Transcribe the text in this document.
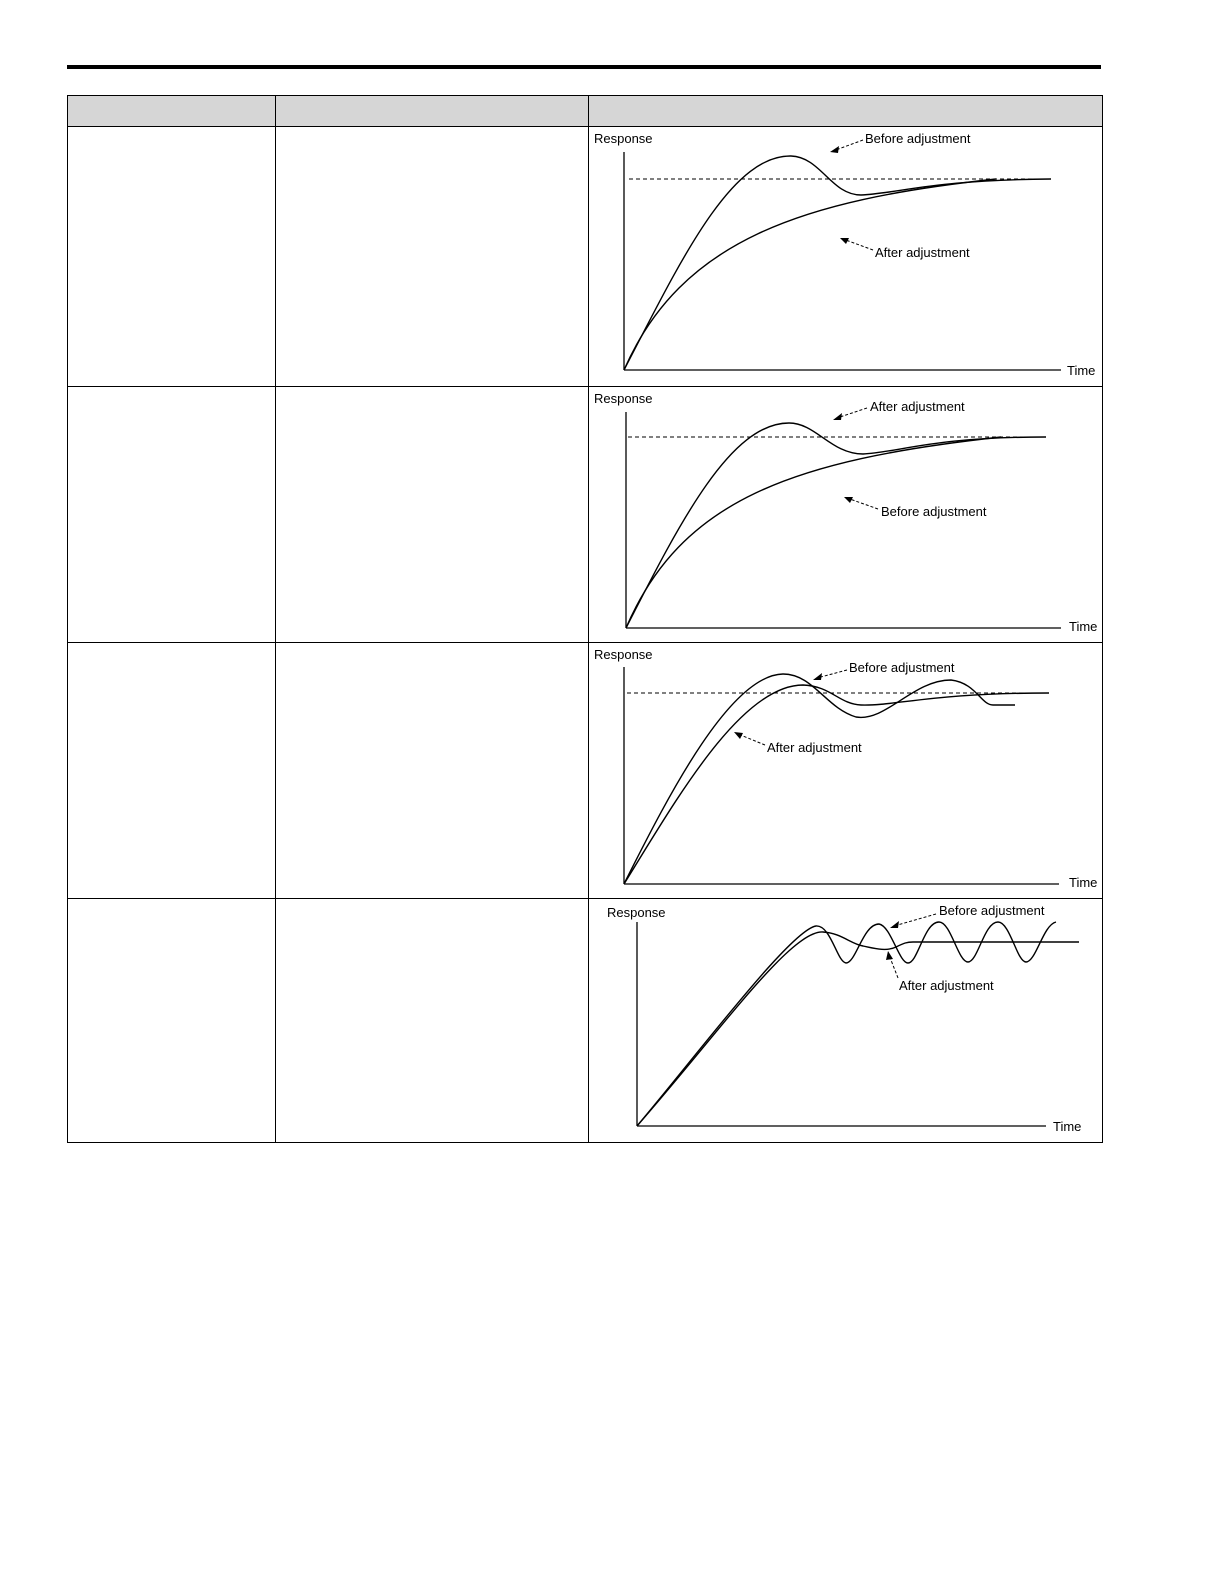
Response
Time
Before adjustment
After adjustment

Response
Time
After adjustment
Before adjustment

Response
Time
Before adjustment
After adjustment

Response
Time
Before adjustment
After adjustment
